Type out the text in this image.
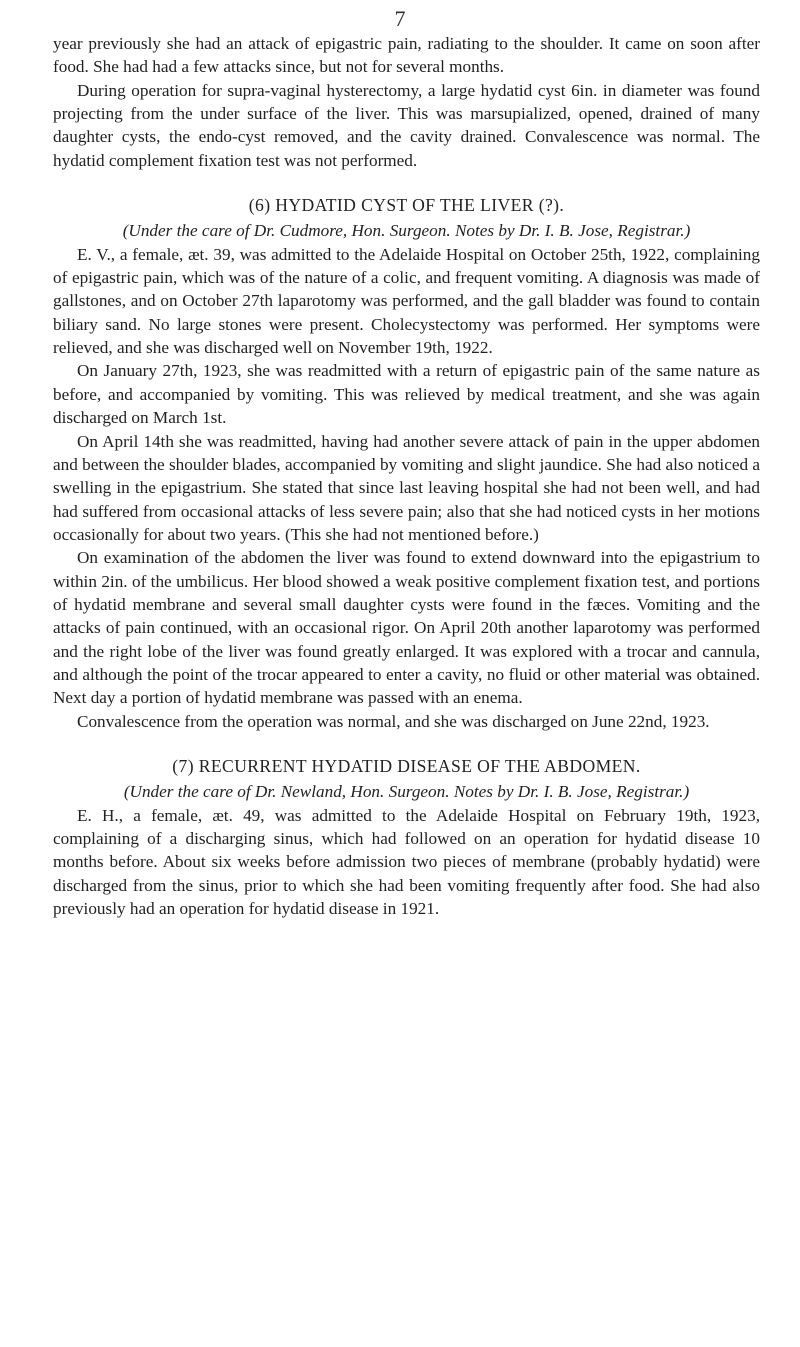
7

year previously she had an attack of epigastric pain, radiating to the shoulder. It came on soon after food. She had had a few attacks since, but not for several months.

During operation for supra-vaginal hysterectomy, a large hydatid cyst 6in. in diameter was found projecting from the under surface of the liver. This was marsupialized, opened, drained of many daughter cysts, the endo-cyst removed, and the cavity drained. Convalescence was normal. The hydatid complement fixation test was not performed.

(6) HYDATID CYST OF THE LIVER (?).

(Under the care of Dr. Cudmore, Hon. Surgeon. Notes by Dr. I. B. Jose, Registrar.)

E. V., a female, æt. 39, was admitted to the Adelaide Hospital on October 25th, 1922, complaining of epigastric pain, which was of the nature of a colic, and frequent vomiting. A diagnosis was made of gallstones, and on October 27th laparotomy was performed, and the gall bladder was found to contain biliary sand. No large stones were present. Cholecystectomy was performed. Her symptoms were relieved, and she was discharged well on November 19th, 1922.

On January 27th, 1923, she was readmitted with a return of epigastric pain of the same nature as before, and accompanied by vomiting. This was relieved by medical treatment, and she was again discharged on March 1st.

On April 14th she was readmitted, having had another severe attack of pain in the upper abdomen and between the shoulder blades, accompanied by vomiting and slight jaundice. She had also noticed a swelling in the epigastrium. She stated that since last leaving hospital she had not been well, and had had suffered from occasional attacks of less severe pain; also that she had noticed cysts in her motions occasionally for about two years. (This she had not mentioned before.)

On examination of the abdomen the liver was found to extend downward into the epigastrium to within 2in. of the umbilicus. Her blood showed a weak positive complement fixation test, and portions of hydatid membrane and several small daughter cysts were found in the fæces. Vomiting and the attacks of pain continued, with an occasional rigor. On April 20th another laparotomy was performed and the right lobe of the liver was found greatly enlarged. It was explored with a trocar and cannula, and although the point of the trocar appeared to enter a cavity, no fluid or other material was obtained. Next day a portion of hydatid membrane was passed with an enema.

Convalescence from the operation was normal, and she was discharged on June 22nd, 1923.

(7) RECURRENT HYDATID DISEASE OF THE ABDOMEN.

(Under the care of Dr. Newland, Hon. Surgeon. Notes by Dr. I. B. Jose, Registrar.)

E. H., a female, æt. 49, was admitted to the Adelaide Hospital on February 19th, 1923, complaining of a discharging sinus, which had followed on an operation for hydatid disease 10 months before. About six weeks before admission two pieces of membrane (probably hydatid) were discharged from the sinus, prior to which she had been vomiting frequently after food. She had also previously had an operation for hydatid disease in 1921.
